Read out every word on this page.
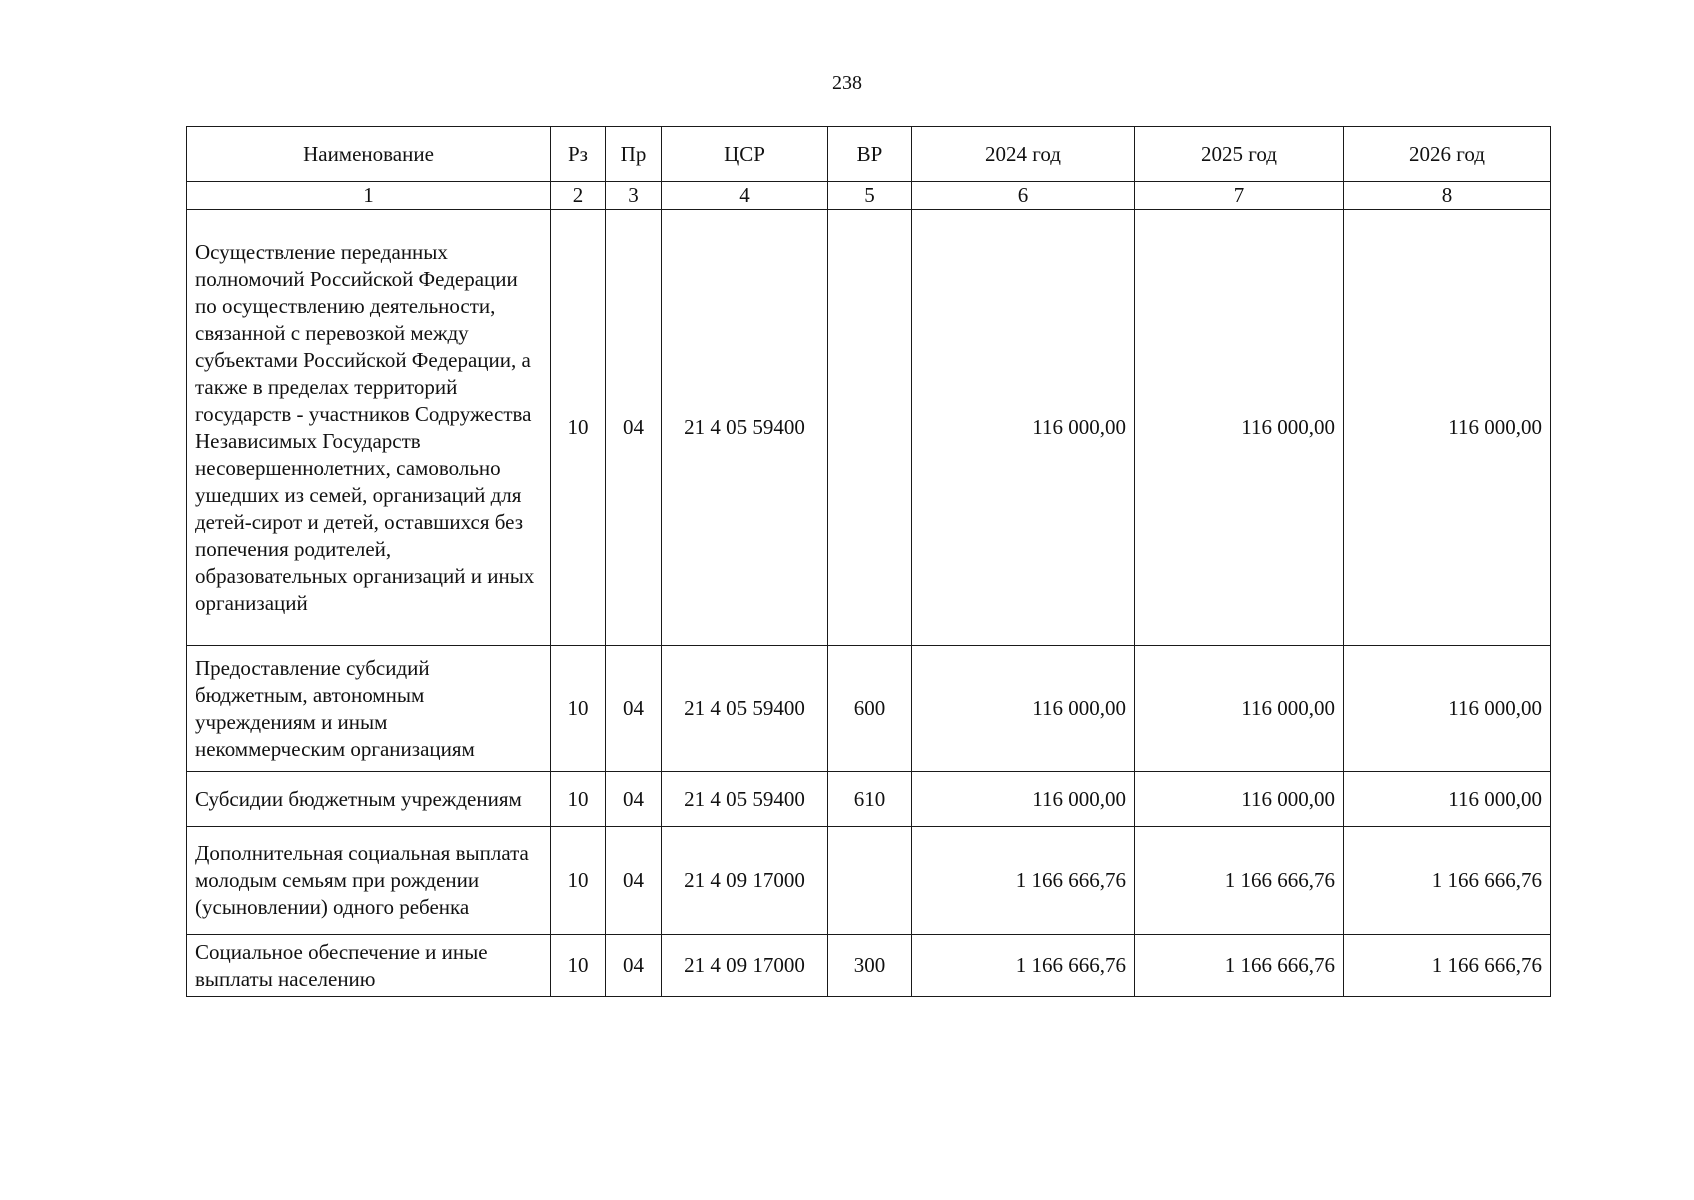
238
Наименование	Рз	Пр	ЦСР	ВР	2024 год	2025 год	2026 год
1	2	3	4	5	6	7	8
Осуществление переданных полномочий Российской Федерации по осуществлению деятельности, связанной с перевозкой между субъектами Российской Федерации, а также в пределах территорий государств - участников Содружества Независимых Государств несовершеннолетних, самовольно ушедших из семей, организаций для детей-сирот и детей, оставшихся без попечения родителей, образовательных организаций и иных организаций	10	04	21 4 05 59400		116 000,00	116 000,00	116 000,00
Предоставление субсидий бюджетным, автономным учреждениям и иным некоммерческим организациям	10	04	21 4 05 59400	600	116 000,00	116 000,00	116 000,00
Субсидии бюджетным учреждениям	10	04	21 4 05 59400	610	116 000,00	116 000,00	116 000,00
Дополнительная социальная выплата молодым семьям при рождении (усыновлении) одного ребенка	10	04	21 4 09 17000		1 166 666,76	1 166 666,76	1 166 666,76
Социальное обеспечение и иные выплаты населению	10	04	21 4 09 17000	300	1 166 666,76	1 166 666,76	1 166 666,76
